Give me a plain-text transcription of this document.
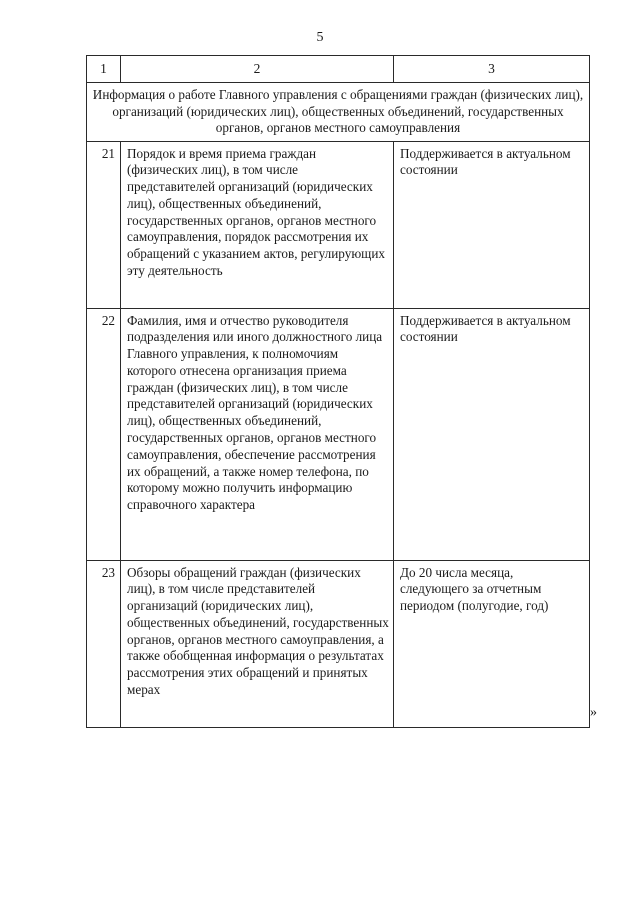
5
1	2	3
Информация о работе Главного управления с обращениями граждан (физических лиц), организаций (юридических лиц), общественных объединений, государственных органов, органов местного самоуправления		
21	Порядок и время приема граждан (физических лиц), в том числе представителей организаций (юридических лиц), общественных объединений, государственных органов, органов местного самоуправления, порядок рассмотрения их обращений с указанием актов, регулирующих эту деятельность	Поддерживается в актуальном состоянии
22	Фамилия, имя и отчество руководителя подразделения или иного должностного лица Главного управления, к полномочиям которого отнесена организация приема граждан (физических лиц), в том числе представителей организаций (юридических лиц), общественных объединений, государственных органов, органов местного самоуправления, обеспечение рассмотрения их обращений, а также номер телефона, по которому можно получить информацию справочного характера	Поддерживается в актуальном состоянии
23	Обзоры обращений граждан (физических лиц), в том числе представителей организаций (юридических лиц), общественных объединений, государственных органов, органов местного самоуправления, а также обобщенная информация о результатах рассмотрения этих обращений и принятых мерах	До 20 числа месяца, следующего за отчетным периодом (полугодие, год)
»
